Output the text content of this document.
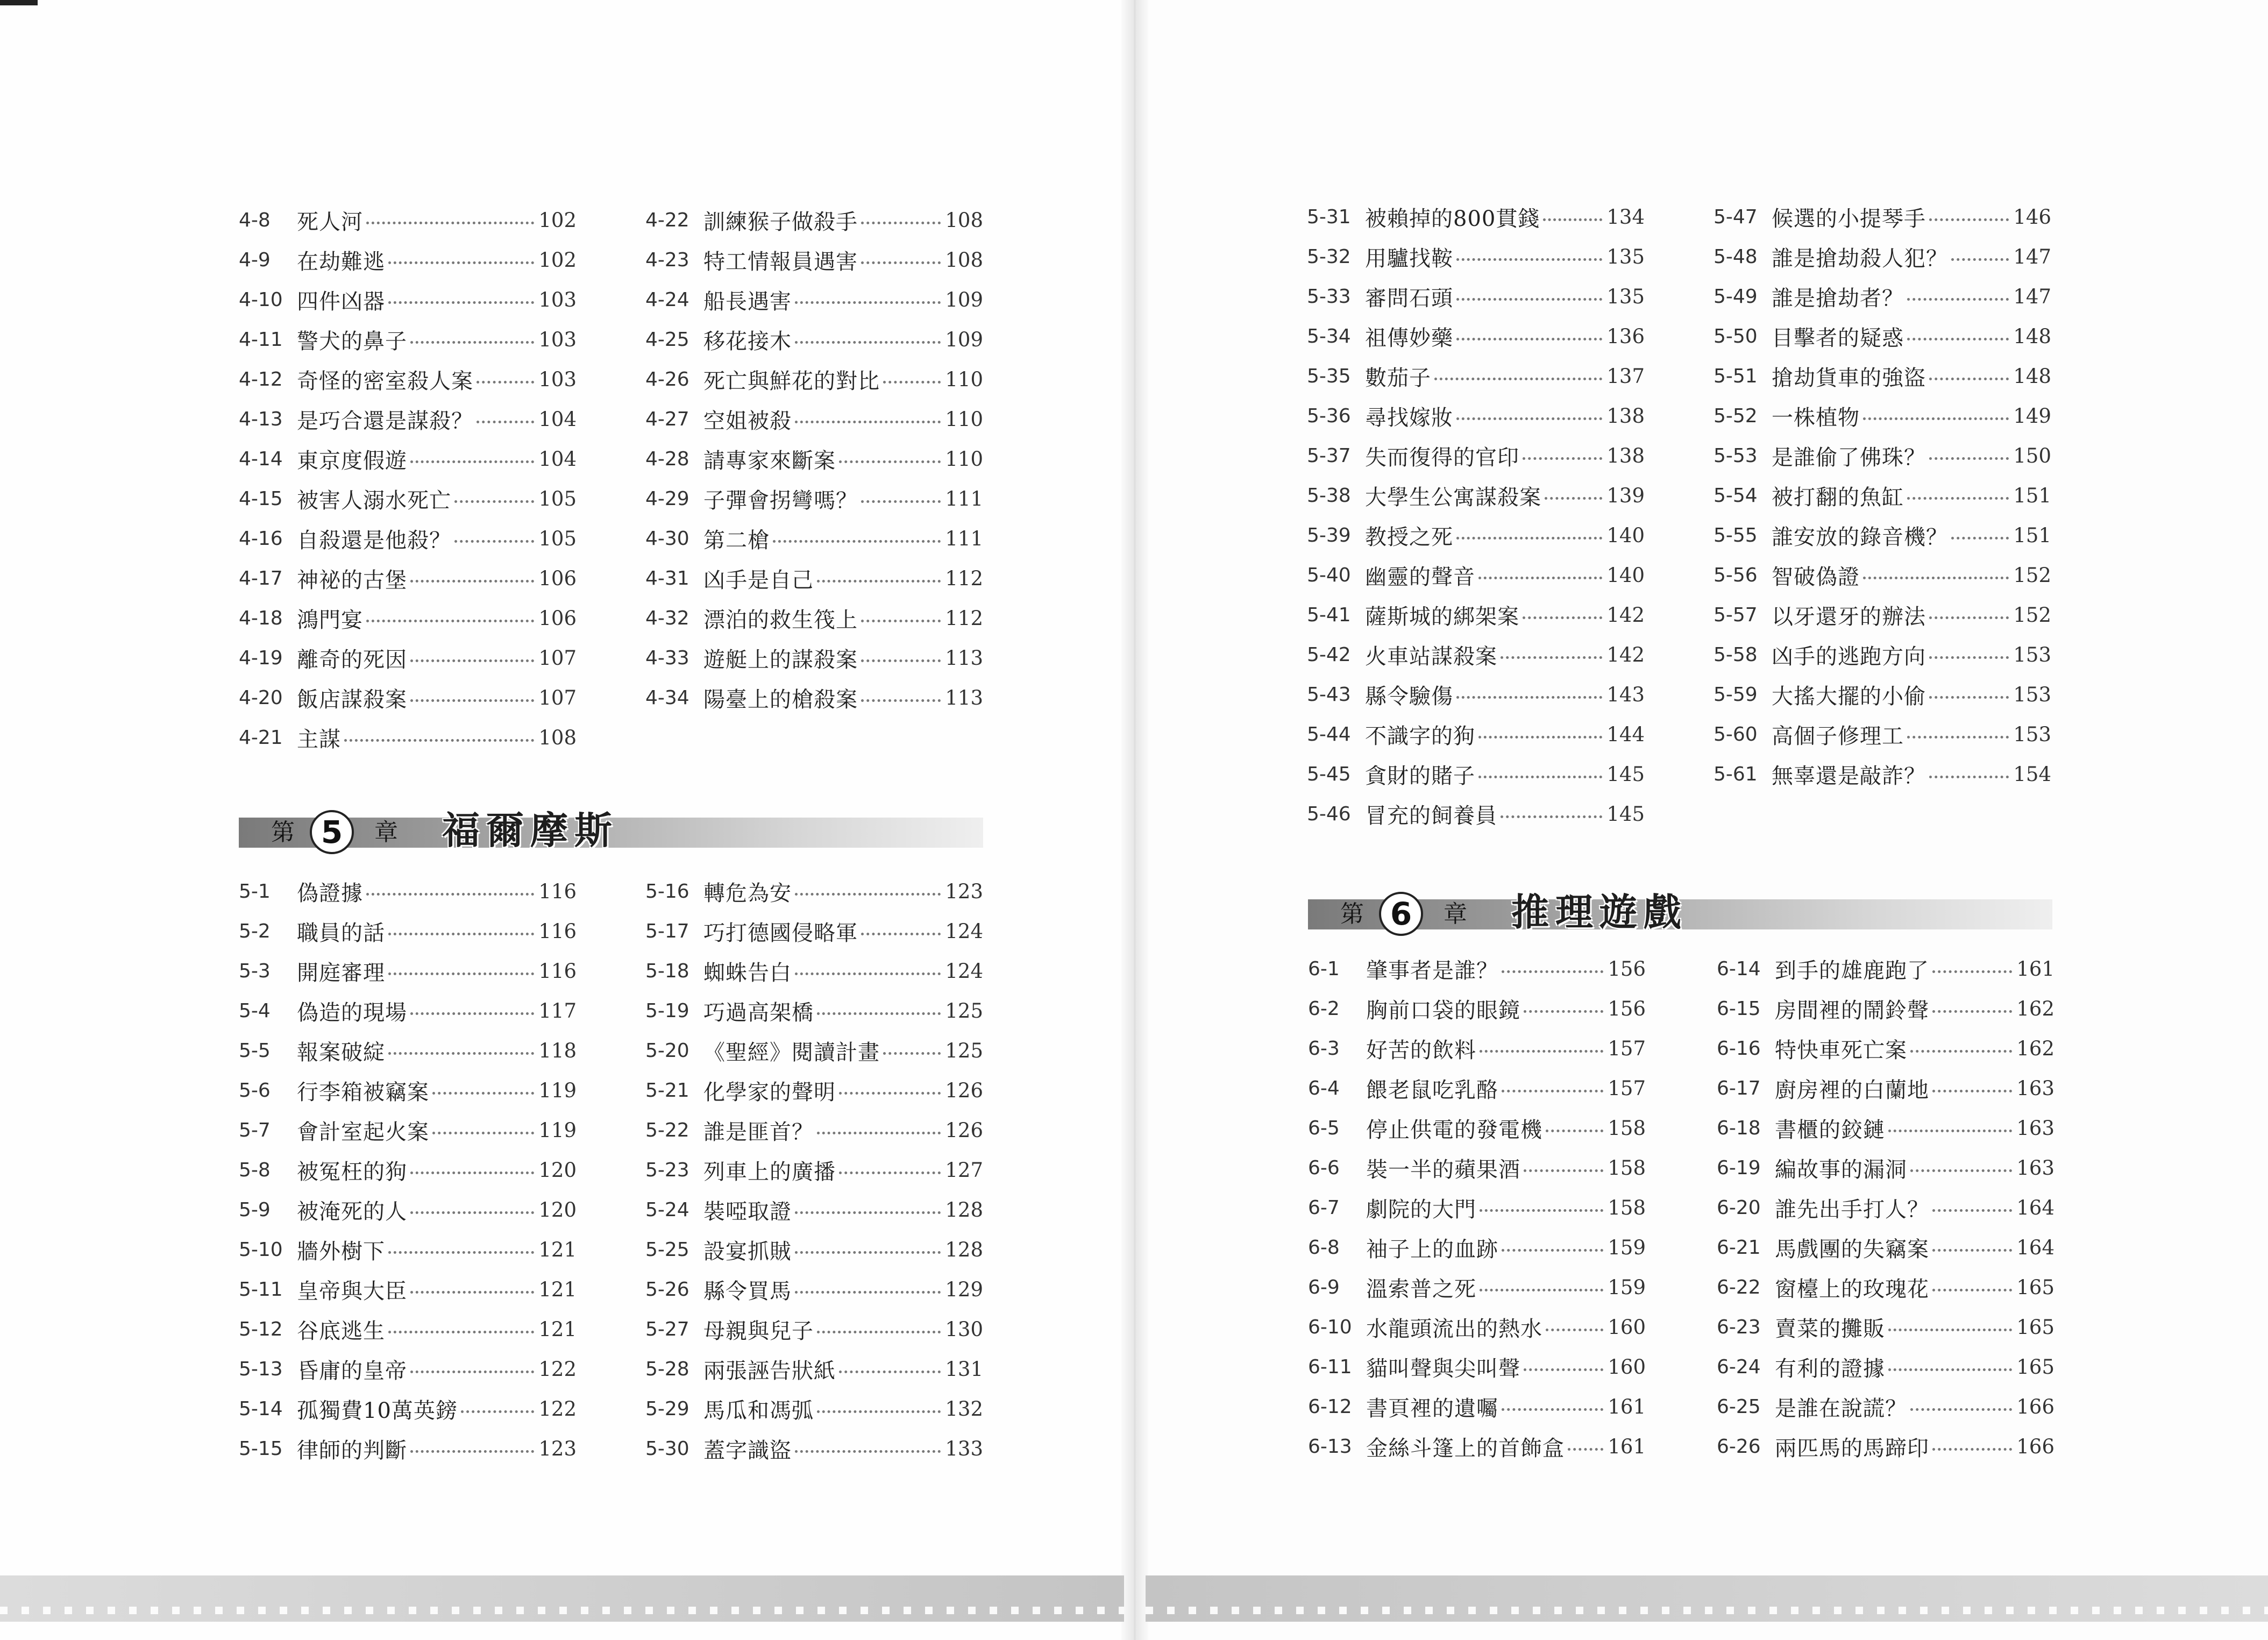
4-8	死人河	102
4-9	在劫難逃	102
4-10 四件凶器	103
4-11 警犬的鼻子	103
4-12 奇怪的密室殺人案	103
4-13 是巧合還是謀殺？	104
4-14 東京度假遊	104
4-15 被害人溺水死亡	105
4-16 自殺還是他殺？	105
4-17 神祕的古堡	106
4-18 鴻門宴	106
4-19 離奇的死因	107
4-20 飯店謀殺案	107
4-21 主謀	108
4-22 訓練猴子做殺手	108
4-23 特工情報員遇害	108
4-24 船長遇害	109
4-25 移花接木	109
4-26 死亡與鮮花的對比	110
4-27 空姐被殺	110
4-28 請專家來斷案	110
4-29 子彈會拐彎嗎？	111
4-30 第二槍	111
4-31 凶手是自己	112
4-32 漂泊的救生筏上	112
4-33 遊艇上的謀殺案	113
4-34 陽臺上的槍殺案	113
第 5	章 福爾摩斯
5-1	偽證據	116
5-2	職員的話	116
5-3	開庭審理	116
5-4	偽造的現場	117
5-5	報案破綻	118
5-6	行李箱被竊案	119
5-7	會計室起火案	119
5-8	被冤枉的狗	120
5-9	被淹死的人	120
5-10 牆外樹下	121
5-11 皇帝與大臣	121
5-12 谷底逃生	121
5-13 昏庸的皇帝	122
5-14 孤獨費10萬英鎊	122
5-15 律師的判斷	123
5-16 轉危為安	123
5-17 巧打德國侵略軍	124
5-18 蜘蛛告白	124
5-19 巧過高架橋	125
5-20 《聖經》閱讀計畫	125
5-21 化學家的聲明	126
5-22 誰是匪首？	126
5-23 列車上的廣播	127
5-24 裝啞取證	128
5-25 設宴抓賊	128
5-26 縣令買馬	129
5-27 母親與兒子	130
5-28 兩張誣告狀紙	131
5-29 馬瓜和馮弧	132
5-30 蓋字識盜	133
5-31 被賴掉的800貫錢	134
5-32 用驢找鞍	135
5-33 審問石頭	135
5-34 祖傳妙藥	136
5-35 數茄子	137
5-36 尋找嫁妝	138
5-37 失而復得的官印	138
5-38 大學生公寓謀殺案	139
5-39 教授之死	140
5-40 幽靈的聲音	140
5-41 薩斯城的綁架案	142
5-42 火車站謀殺案	142
5-43 縣令驗傷	143
5-44 不識字的狗	144
5-45 貪財的賭子	145
5-46 冒充的飼養員	145
5-47 候選的小提琴手	146
5-48 誰是搶劫殺人犯？	147
5-49 誰是搶劫者？	147
5-50 目擊者的疑惑	148
5-51 搶劫貨車的強盜	148
5-52 一株植物	149
5-53 是誰偷了佛珠？	150
5-54 被打翻的魚缸	151
5-55 誰安放的錄音機？	151
5-56 智破偽證	152
5-57 以牙還牙的辦法	152
5-58 凶手的逃跑方向	153
5-59 大搖大擺的小偷	153
5-60 高個子修理工	153
5-61 無辜還是敲詐？	154
第 6	章 推理遊戲
6-1	肇事者是誰？	156
6-2	胸前口袋的眼鏡	156
6-3	好苦的飲料	157
6-4	餵老鼠吃乳酪	157
6-5	停止供電的發電機	158
6-6	裝一半的蘋果酒	158
6-7	劇院的大門	158
6-8	袖子上的血跡	159
6-9	溫索普之死	159
6-10 水龍頭流出的熱水	160
6-11 貓叫聲與尖叫聲	160
6-12 書頁裡的遺囑	161
6-13 金絲斗篷上的首飾盒 161
6-14 到手的雄鹿跑了	161
6-15 房間裡的鬧鈴聲	162
6-16 特快車死亡案	162
6-17 廚房裡的白蘭地	163
6-18 書櫃的鉸鏈	163
6-19 編故事的漏洞	163
6-20 誰先出手打人？	164
6-21 馬戲團的失竊案	164
6-22 窗檯上的玫瑰花	165
6-23 賣菜的攤販	165
6-24 有利的證據	165
6-25 是誰在說謊？	166
6-26 兩匹馬的馬蹄印	166
